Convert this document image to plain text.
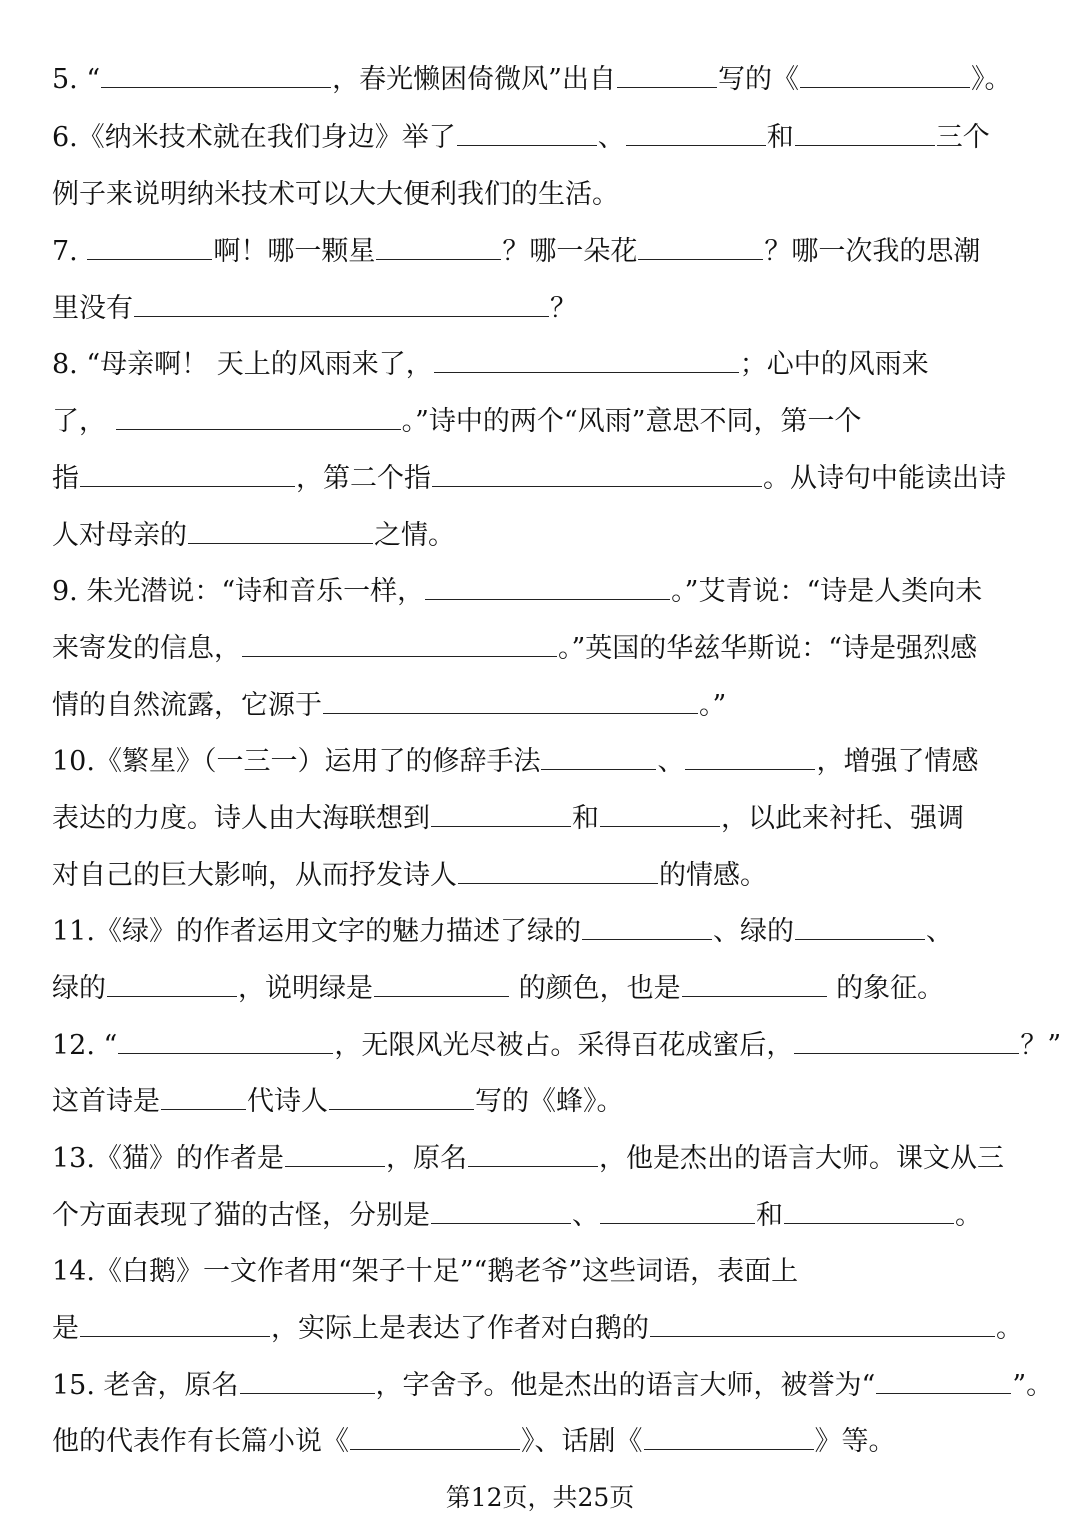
5. “	，春光懒困倚微风”出自	写的《	》。
6.《纳米技术就在我们身边》举了	、	和	三个
例子来说明纳米技术可以大大便利我们的生活。
7.	啊！哪一颗星	？哪一朵花	？哪一次我的思潮
里没有	？
8. “母亲啊！ 天上的风雨来了，	；心中的风雨来
了，	。”诗中的两个“风雨”意思不同，第一个
指	，第二个指	。从诗句中能读出诗
人对母亲的	之情。
9. 朱光潜说：“诗和音乐一样，	。”艾青说：“诗是人类向未
来寄发的信息，	。”英国的华兹华斯说：“诗是强烈感
情的自然流露，它源于	。”
10.《繁星》（一三一）运用了的修辞手法	、	，增强了情感
表达的力度。诗人由大海联想到	和	，以此来衬托、强调
对自己的巨大影响，从而抒发诗人	的情感。
11.《绿》的作者运用文字的魅力描述了绿的	、绿的	、
绿的	，说明绿是	的颜色，也是	的象征。
12. “	，无限风光尽被占。采得百花成蜜后，	？”
这首诗是	代诗人	写的《蜂》。
13.《猫》的作者是	，原名	，他是杰出的语言大师。课文从三
个方面表现了猫的古怪，分别是	、	和	。
14.《白鹅》一文作者用“架子十足”“鹅老爷”这些词语，表面上
是	，实际上是表达了作者对白鹅的	。
15. 老舍，原名	，字舍予。他是杰出的语言大师，被誉为“	”。
他的代表作有长篇小说《	》、话剧《	》等。
第12页，共25页
